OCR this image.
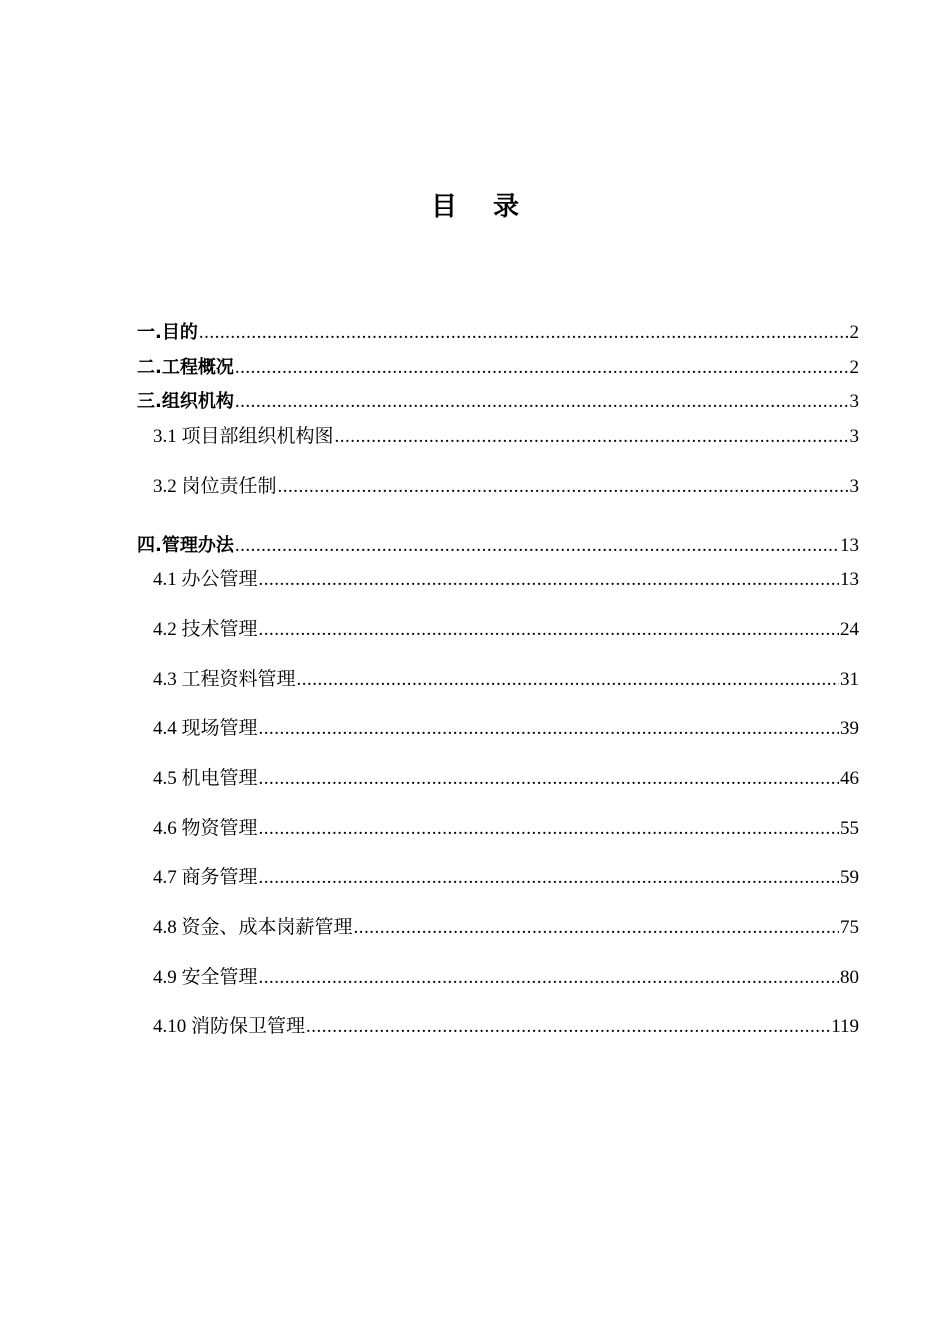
目 录
一.目的 .....	2
二.工程概况 .....	2
三.组织机构 .....	3
3.1 项目部组织机构图 .....	3
3.2 岗位责任制 .....	3
四.管理办法 .....	13
4.1 办公管理 .....	13
4.2 技术管理 .....	24
4.3 工程资料管理 .....	31
4.4 现场管理 .....	39
4.5 机电管理 .....	46
4.6 物资管理 .....	55
4.7 商务管理 .....	59
4.8 资金、成本岗薪管理 .....	75
4.9 安全管理 .....	80
4.10 消防保卫管理 .....	119
